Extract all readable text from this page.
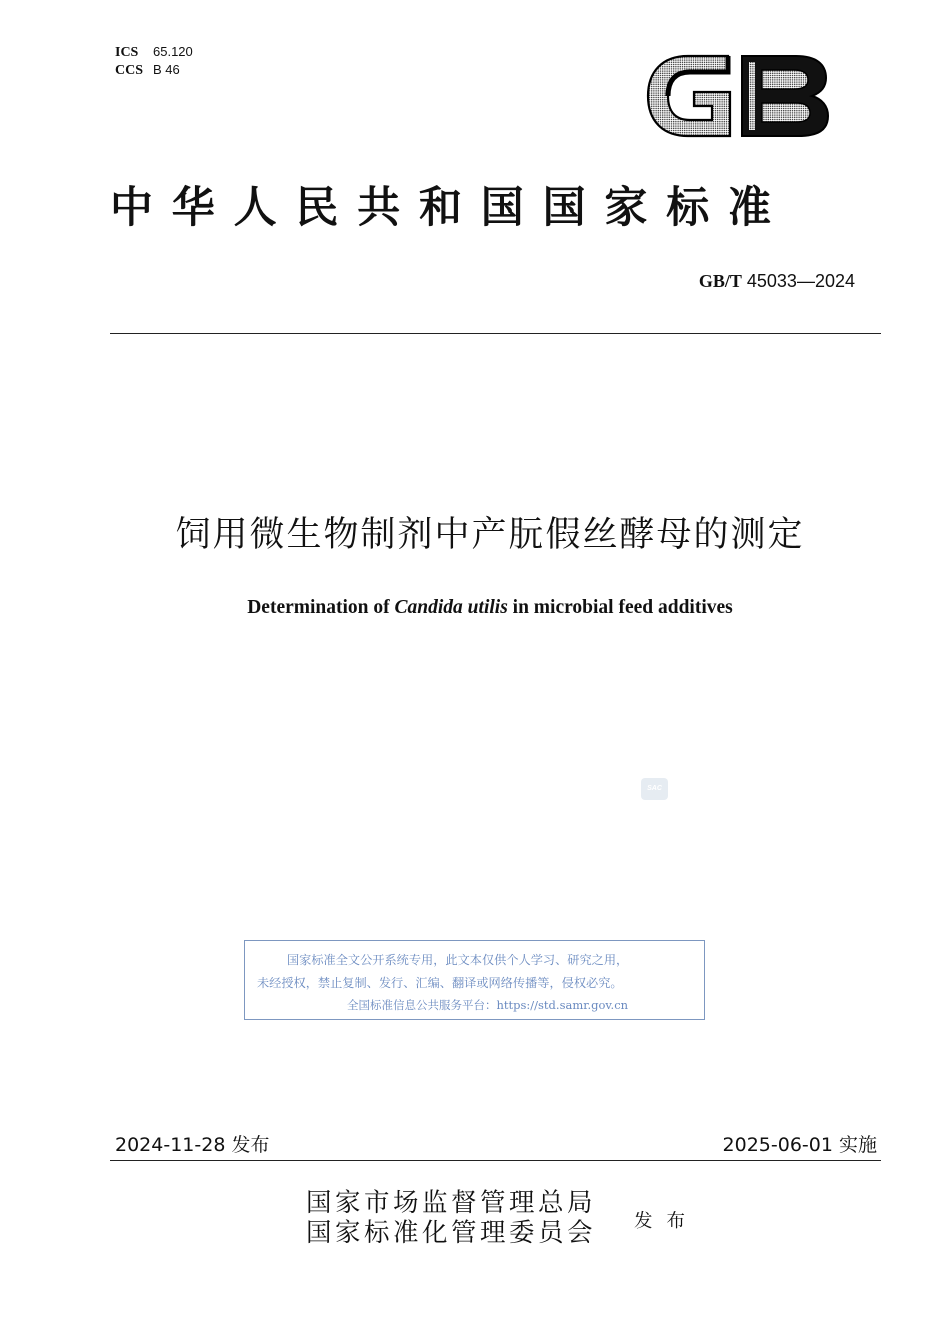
ICS 65.120
CCS B 46
中华人民共和国国家标准
GB/T 45033—2024
饲用微生物制剂中产朊假丝酵母的测定
Determination of Candida utilis in microbial feed additives
SAC
国家标准全文公开系统专用，此文本仅供个人学习、研究之用，
未经授权，禁止复制、发行、汇编、翻译或网络传播等，侵权必究。
全国标准信息公共服务平台：https://std.samr.gov.cn
2024-11-28 发布	2025-06-01 实施
国家市场监督管理总局
国家标准化管理委员会 发布
